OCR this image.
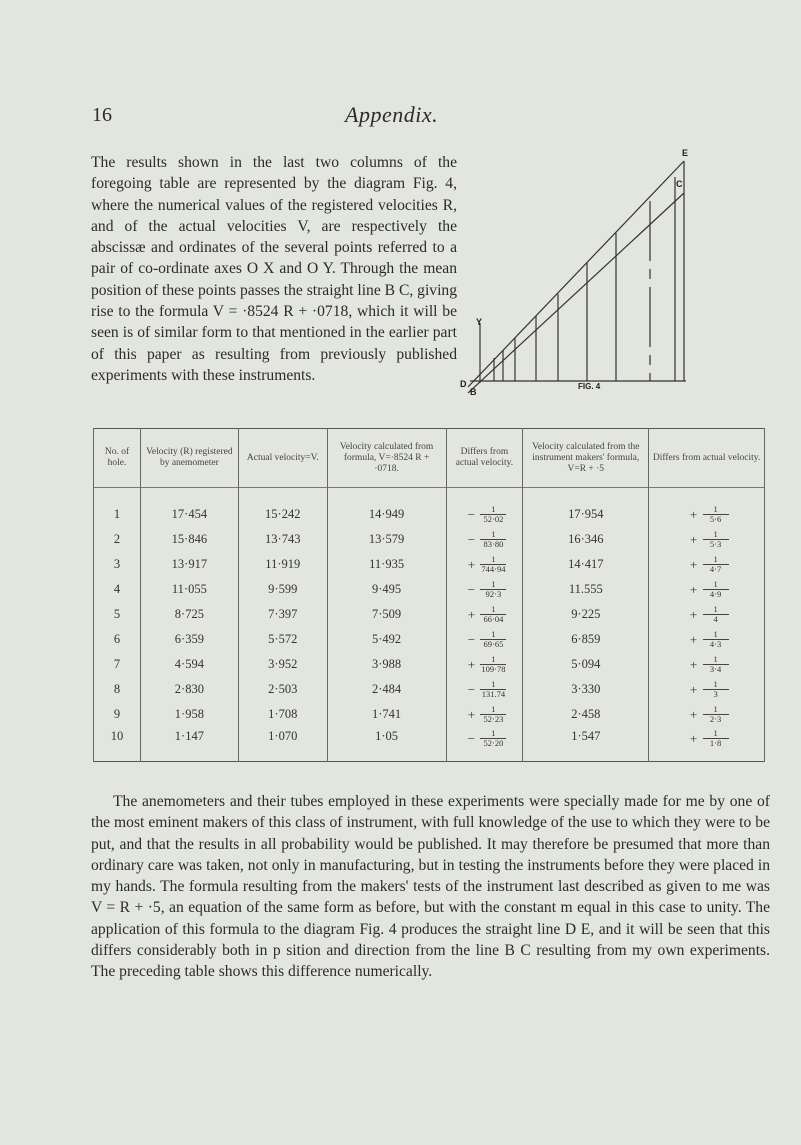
16	Appendix.

The results shown in the last two columns of the foregoing table are represented by the diagram Fig. 4, where the numerical values of the registered velocities R, and of the actual velocities V, are respectively the abscissæ and ordinates of the several points referred to a pair of co-ordinate axes O X and O Y. Through the mean position of these points passes the straight line B C, giving rise to the formula V = ·8524 R + ·0718, which it will be seen is of similar form to that mentioned in the earlier part of this paper as resulting from previously published experiments with these instruments.

E
C
Y
D
B
FIG. 4
No. of hole.	Velocity (R) registered by anemometer	Actual velocity=V.	Velocity calculated from formula, V=·8524 R + ·0718.	Differs from actual velocity.	Velocity calculated from the instrument makers' formula, V=R + ·5	Differs from actual velocity.
1	17·454	15·242	14·949	− $\frac{1}{52\cdot 02}$	17·954	+ $\frac{1}{5\cdot 6}$

2	15·846	13·743	13·579	− $\frac{1}{83\cdot 80}$	16·346	+ $\frac{1}{5\cdot 3}$

3	13·917	11·919	11·935	+ $\frac{1}{744\cdot 94}$	14·417	+ $\frac{1}{4\cdot 7}$

4	11·055	9·599	9·495	− $\frac{1}{92\cdot 3}$	11.555	+ $\frac{1}{4\cdot 9}$

5	8·725	7·397	7·509	+ $\frac{1}{66\cdot 04}$	9·225	+ $\frac{1}{4}$

6	6·359	5·572	5·492	− $\frac{1}{69\cdot 65}$	6·859	+ $\frac{1}{4\cdot 3}$

7	4·594	3·952	3·988	+ $\frac{1}{109\cdot 78}$	5·094	+ $\frac{1}{3\cdot 4}$

8	2·830	2·503	2·484	− $\frac{1}{131.74}$	3·330	+ $\frac{1}{3}$

9	1·958	1·708	1·741	+ $\frac{1}{52\cdot 23}$	2·458	+ $\frac{1}{2\cdot 3}$

10	1·147	1·070	1·05	− $\frac{1}{52\cdot 20}$	1·547	+ $\frac{1}{1\cdot 8}$

The anemometers and their tubes employed in these experiments were specially made for me by one of the most eminent makers of this class of instrument, with full knowledge of the use to which they were to be put, and that the results in all probability would be published. It may therefore be presumed that more than ordinary care was taken, not only in manufacturing, but in testing the instruments before they were placed in my hands. The formula resulting from the makers' tests of the instrument last described as given to me was V = R + ·5, an equation of the same form as before, but with the constant m equal in this case to unity. The application of this formula to the diagram Fig. 4 produces the straight line D E, and it will be seen that this differs considerably both in p sition and direction from the line B C resulting from my own experiments. The preceding table shows this difference numerically.
